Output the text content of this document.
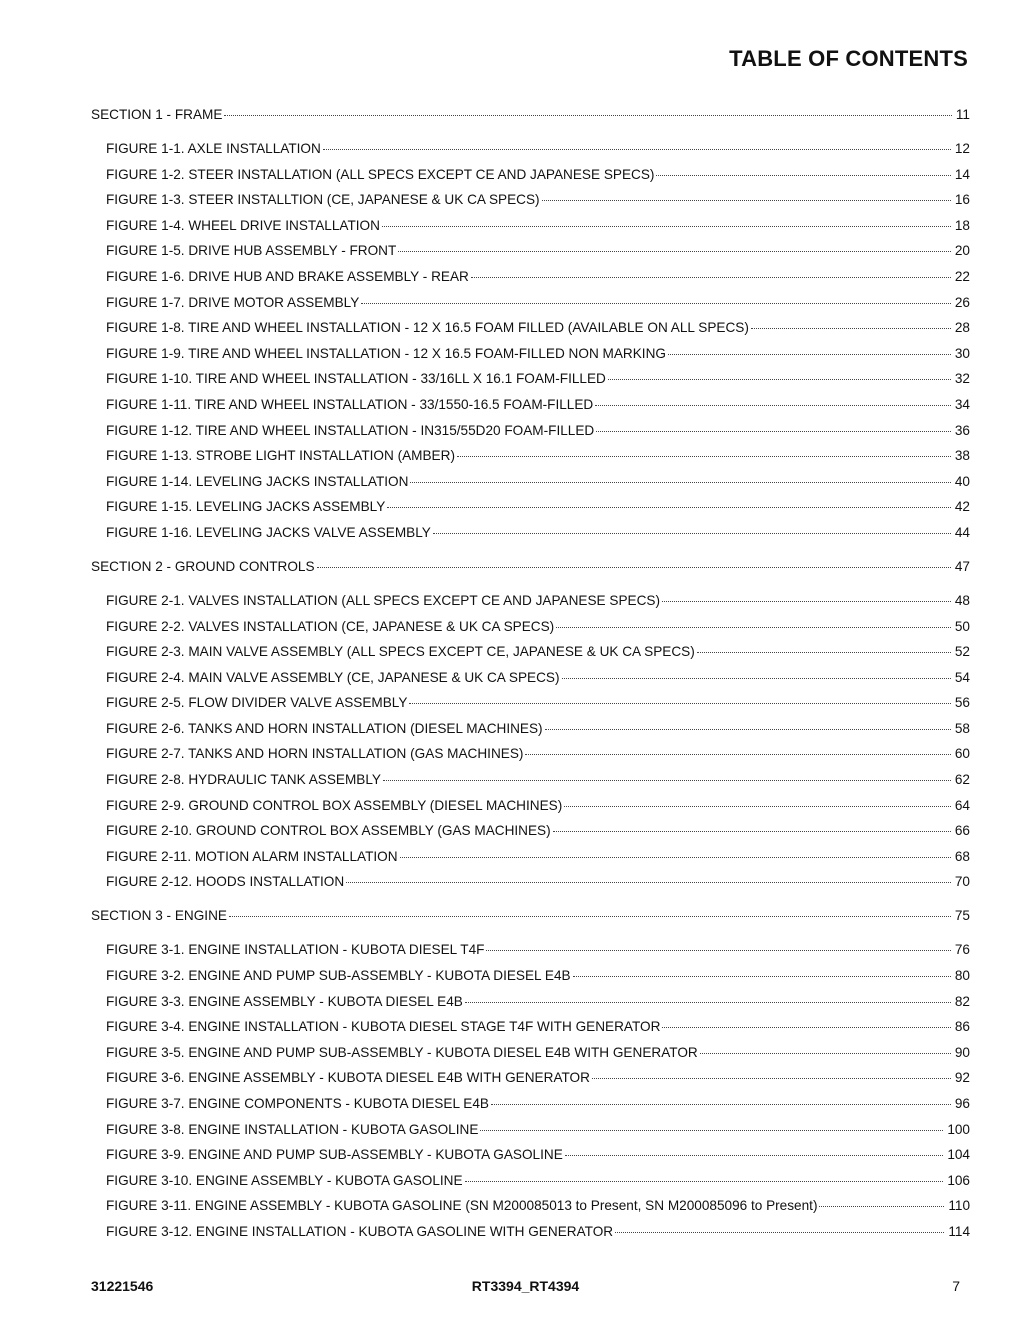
TABLE OF CONTENTS
SECTION 1 - FRAME	11
FIGURE 1-1. AXLE INSTALLATION	12
FIGURE 1-2. STEER INSTALLATION (ALL SPECS EXCEPT CE AND JAPANESE SPECS)	14
FIGURE 1-3. STEER INSTALLTION (CE, JAPANESE & UK CA SPECS)	16
FIGURE 1-4. WHEEL DRIVE INSTALLATION	18
FIGURE 1-5. DRIVE HUB ASSEMBLY - FRONT	20
FIGURE 1-6. DRIVE HUB AND BRAKE ASSEMBLY - REAR	22
FIGURE 1-7. DRIVE MOTOR ASSEMBLY	26
FIGURE 1-8. TIRE AND WHEEL INSTALLATION - 12 X 16.5 FOAM FILLED (AVAILABLE ON ALL SPECS)	28
FIGURE 1-9. TIRE AND WHEEL INSTALLATION - 12 X 16.5 FOAM-FILLED NON MARKING	30
FIGURE 1-10. TIRE AND WHEEL INSTALLATION - 33/16LL X 16.1 FOAM-FILLED	32
FIGURE 1-11. TIRE AND WHEEL INSTALLATION - 33/1550-16.5 FOAM-FILLED	34
FIGURE 1-12. TIRE AND WHEEL INSTALLATION - IN315/55D20 FOAM-FILLED	36
FIGURE 1-13. STROBE LIGHT INSTALLATION (AMBER)	38
FIGURE 1-14. LEVELING JACKS INSTALLATION	40
FIGURE 1-15. LEVELING JACKS ASSEMBLY	42
FIGURE 1-16. LEVELING JACKS VALVE ASSEMBLY	44
SECTION 2 - GROUND CONTROLS	47
FIGURE 2-1. VALVES INSTALLATION (ALL SPECS EXCEPT CE AND JAPANESE SPECS)	48
FIGURE 2-2. VALVES INSTALLATION (CE, JAPANESE & UK CA SPECS)	50
FIGURE 2-3. MAIN VALVE ASSEMBLY (ALL SPECS EXCEPT CE, JAPANESE & UK CA SPECS)	52
FIGURE 2-4. MAIN VALVE ASSEMBLY (CE, JAPANESE & UK CA SPECS)	54
FIGURE 2-5. FLOW DIVIDER VALVE ASSEMBLY	56
FIGURE 2-6. TANKS AND HORN INSTALLATION (DIESEL MACHINES)	58
FIGURE 2-7. TANKS AND HORN INSTALLATION (GAS MACHINES)	60
FIGURE 2-8. HYDRAULIC TANK ASSEMBLY	62
FIGURE 2-9. GROUND CONTROL BOX ASSEMBLY (DIESEL MACHINES)	64
FIGURE 2-10. GROUND CONTROL BOX ASSEMBLY (GAS MACHINES)	66
FIGURE 2-11. MOTION ALARM INSTALLATION	68
FIGURE 2-12. HOODS INSTALLATION	70
SECTION 3 - ENGINE	75
FIGURE 3-1. ENGINE INSTALLATION - KUBOTA DIESEL T4F	76
FIGURE 3-2. ENGINE AND PUMP SUB-ASSEMBLY - KUBOTA DIESEL E4B	80
FIGURE 3-3. ENGINE ASSEMBLY - KUBOTA DIESEL E4B	82
FIGURE 3-4. ENGINE INSTALLATION - KUBOTA DIESEL STAGE T4F WITH GENERATOR	86
FIGURE 3-5. ENGINE AND PUMP SUB-ASSEMBLY - KUBOTA DIESEL E4B WITH GENERATOR	90
FIGURE 3-6. ENGINE ASSEMBLY - KUBOTA DIESEL E4B WITH GENERATOR	92
FIGURE 3-7. ENGINE COMPONENTS - KUBOTA DIESEL E4B	96
FIGURE 3-8. ENGINE INSTALLATION - KUBOTA GASOLINE	100
FIGURE 3-9. ENGINE AND PUMP SUB-ASSEMBLY - KUBOTA GASOLINE	104
FIGURE 3-10. ENGINE ASSEMBLY - KUBOTA GASOLINE	106
FIGURE 3-11. ENGINE ASSEMBLY - KUBOTA GASOLINE (SN M200085013 to Present, SN M200085096 to Present)	110
FIGURE 3-12. ENGINE INSTALLATION - KUBOTA GASOLINE WITH GENERATOR	114
31221546	RT3394_RT4394	7
